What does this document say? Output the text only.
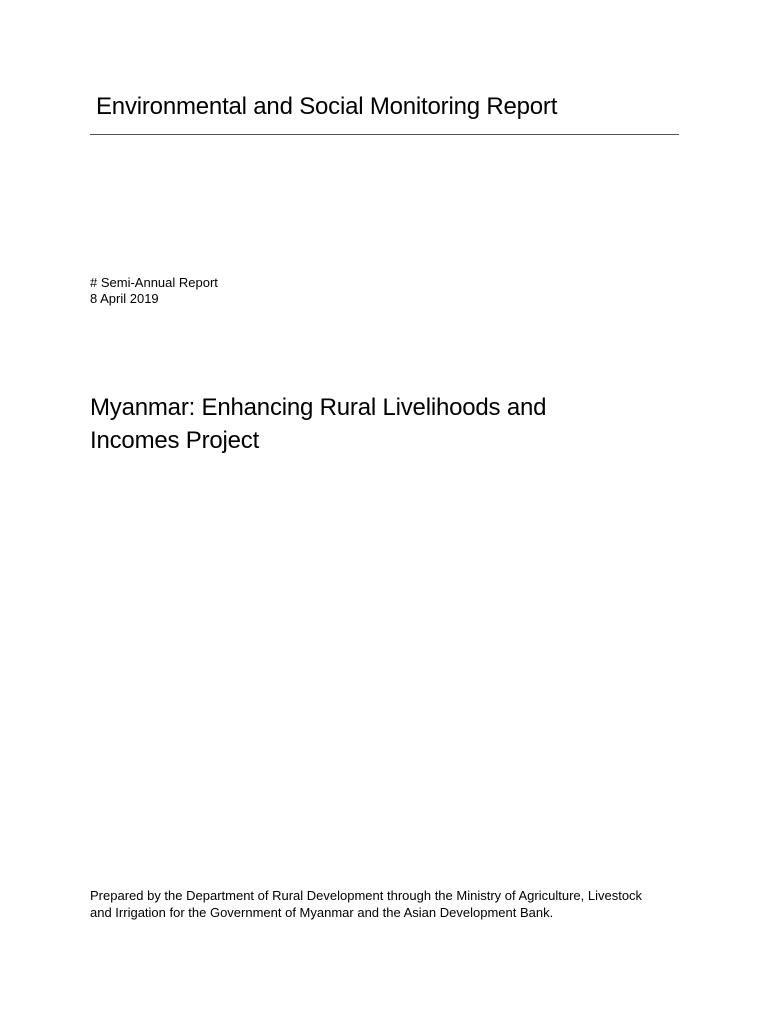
Environmental and Social Monitoring Report
# Semi-Annual Report
8 April 2019
Myanmar: Enhancing Rural Livelihoods and
Incomes Project
Prepared by the Department of Rural Development through the Ministry of Agriculture, Livestock
and Irrigation for the Government of Myanmar and the Asian Development Bank.
